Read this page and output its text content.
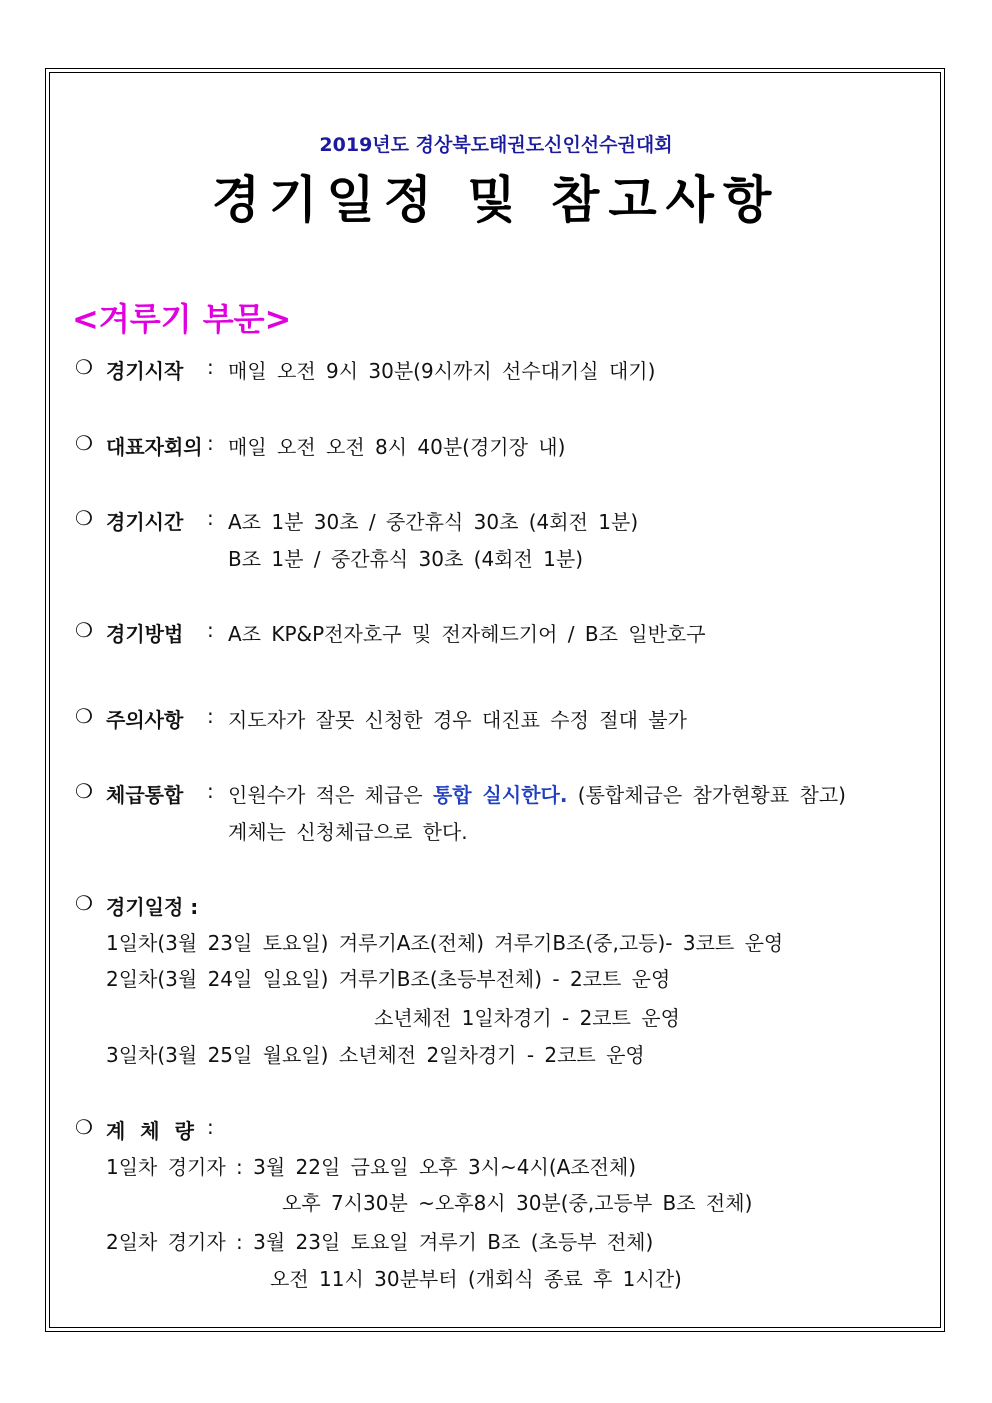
2019년도 경상북도태권도신인선수권대회
경기일정 및 참고사항
<겨루기 부문>
❍ 경기시작 : 매일 오전 9시 30분(9시까지 선수대기실 대기)
❍ 대표자회의 : 매일 오전 오전 8시 40분(경기장 내)
❍ 경기시간 : A조 1분 30초 / 중간휴식 30초 (4회전 1분)
B조 1분 / 중간휴식 30초 (4회전 1분)
❍ 경기방법 : A조 KP&P전자호구 및 전자헤드기어 / B조 일반호구
❍ 주의사항 : 지도자가 잘못 신청한 경우 대진표 수정 절대 불가
❍ 체급통합 : 인원수가 적은 체급은 통합 실시한다. (통합체급은 참가현황표 참고)
계체는 신청체급으로 한다.
❍ 경기일정 :
1일차(3월 23일 토요일) 겨루기A조(전체) 겨루기B조(중,고등)- 3코트 운영
2일차(3월 24일 일요일) 겨루기B조(초등부전체) - 2코트 운영
소년체전 1일차경기 - 2코트 운영
3일차(3월 25일 월요일) 소년체전 2일차경기 - 2코트 운영
❍ 계 체 량 :
1일차 경기자 : 3월 22일 금요일 오후 3시~4시(A조전체)
오후 7시30분 ~오후8시 30분(중,고등부 B조 전체)
2일차 경기자 : 3월 23일 토요일 겨루기 B조 (초등부 전체)
오전 11시 30분부터 (개회식 종료 후 1시간)
